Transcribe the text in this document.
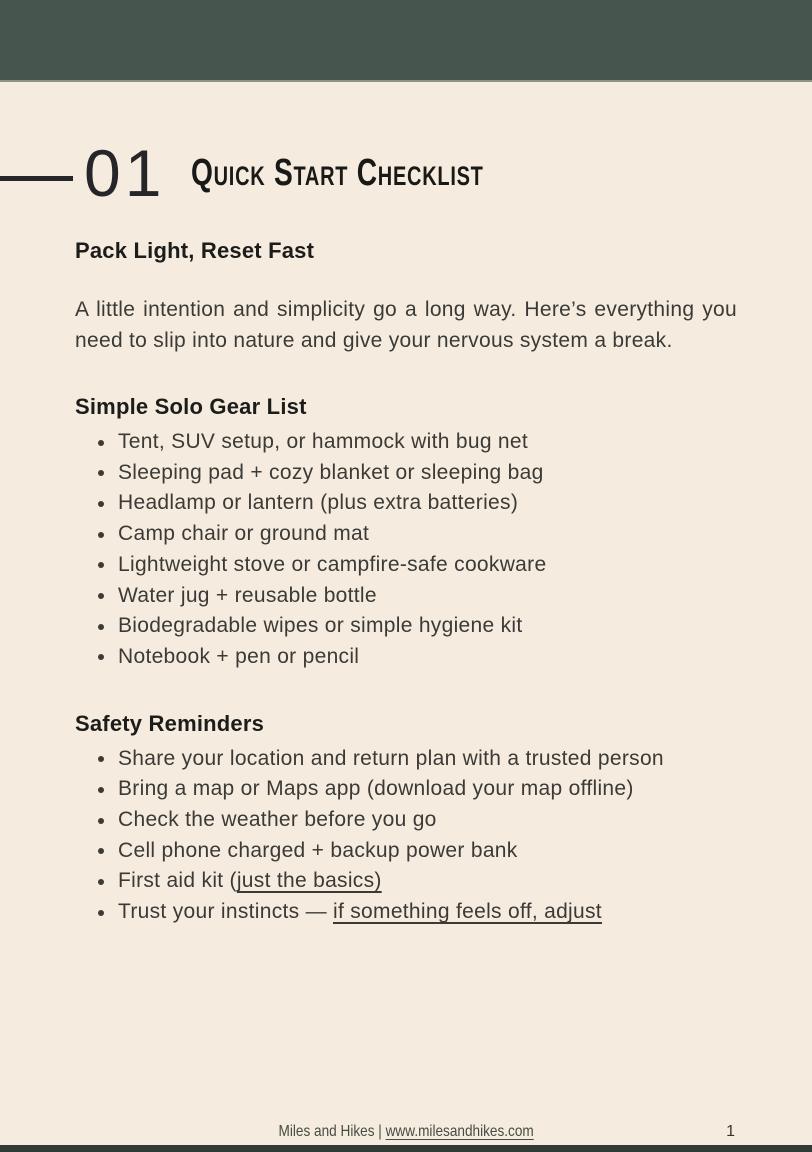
01 Quick Start Checklist
Pack Light, Reset Fast

A little intention and simplicity go a long way. Here’s everything you need to slip into nature and give your nervous system a break.

Simple Solo Gear List
Tent, SUV setup, or hammock with bug net
Sleeping pad + cozy blanket or sleeping bag
Headlamp or lantern (plus extra batteries)
Camp chair or ground mat
Lightweight stove or campfire-safe cookware
Water jug + reusable bottle
Biodegradable wipes or simple hygiene kit
Notebook + pen or pencil
Safety Reminders
Share your location and return plan with a trusted person
Bring a map or Maps app (download your map offline)
Check the weather before you go
Cell phone charged + backup power bank
First aid kit (just the basics)
Trust your instincts — if something feels off, adjust
Miles and Hikes | www.milesandhikes.com	1
